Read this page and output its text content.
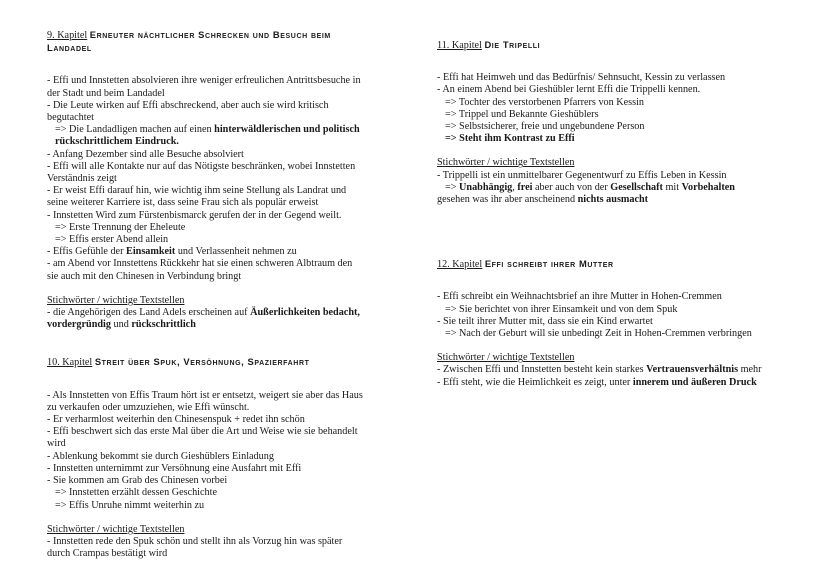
9. Kapitel Erneuter nächtlicher Schrecken und Besuch beim Landadel
- Effi und Innstetten absolvieren ihre weniger erfreulichen Antrittsbesuche in der Stadt und beim Landadel
- Die Leute wirken auf Effi abschreckend, aber auch sie wird kritisch begutachtet
=> Die Landadligen machen auf einen hinterwäldlerischen und politisch rückschrittlichem Eindruck.
- Anfang Dezember sind alle Besuche absolviert
- Effi will alle Kontakte nur auf das Nötigste beschränken, wobei Innstetten Verständnis zeigt
- Er weist Effi darauf hin, wie wichtig ihm seine Stellung als Landrat und seine weiterer Karriere ist, dass seine Frau sich als populär erweist
- Innstetten Wird zum Fürstenbismarck gerufen der in der Gegend weilt.
=> Erste Trennung der Eheleute
=> Effis erster Abend allein
- Effis Gefühle der Einsamkeit und Verlassenheit nehmen zu
- am Abend vor Innstettens Rückkehr hat sie einen schweren Albtraum den sie auch mit den Chinesen in Verbindung bringt
Stichwörter / wichtige Textstellen
- die Angehörigen des Land Adels erscheinen auf Äußerlichkeiten bedacht, vordergründig und rückschrittlich
10. Kapitel Streit über Spuk, Versöhnung, Spazierfahrt
- Als Innstetten von Effis Traum hört ist er entsetzt, weigert sie aber das Haus zu verkaufen oder umzuziehen, wie Effi wünscht.
- Er verharmlost weiterhin den Chinesenspuk + redet ihn schön
- Effi beschwert sich das erste Mal über die Art und Weise wie sie behandelt wird
- Ablenkung bekommt sie durch Gieshüblers Einladung
- Innstetten unternimmt zur Versöhnung eine Ausfahrt mit Effi
- Sie kommen am Grab des Chinesen vorbei
=> Innstetten erzählt dessen Geschichte
=> Effis Unruhe nimmt weiterhin zu
Stichwörter / wichtige Textstellen
- Innstetten rede den Spuk schön und stellt ihn als Vorzug hin was später durch Crampas bestätigt wird
11. Kapitel Die Tripelli
- Effi hat Heimweh und das Bedürfnis/ Sehnsucht, Kessin zu verlassen
- An einem Abend bei Gieshübler lernt Effi die Trippelli kennen.
=> Tochter des verstorbenen Pfarrers von Kessin
=> Trippel und Bekannte Gieshüblers
=> Selbstsicherer, freie und ungebundene Person
=> Steht ihm Kontrast zu Effi
Stichwörter / wichtige Textstellen
- Trippelli ist ein unmittelbarer Gegenentwurf zu Effis Leben in Kessin
=> Unabhängig, frei aber auch von der Gesellschaft mit Vorbehalten
gesehen was ihr aber anscheinend nichts ausmacht
12. Kapitel Effi schreibt ihrer Mutter
- Effi schreibt ein Weihnachtsbrief an ihre Mutter in Hohen-Cremmen
=> Sie berichtet von ihrer Einsamkeit und von dem Spuk
- Sie teilt ihrer Mutter mit, dass sie ein Kind erwartet
=> Nach der Geburt will sie unbedingt Zeit in Hohen-Cremmen verbringen
Stichwörter / wichtige Textstellen
- Zwischen Effi und Innstetten besteht kein starkes Vertrauensverhältnis mehr
- Effi steht, wie die Heimlichkeit es zeigt, unter innerem und äußeren Druck
